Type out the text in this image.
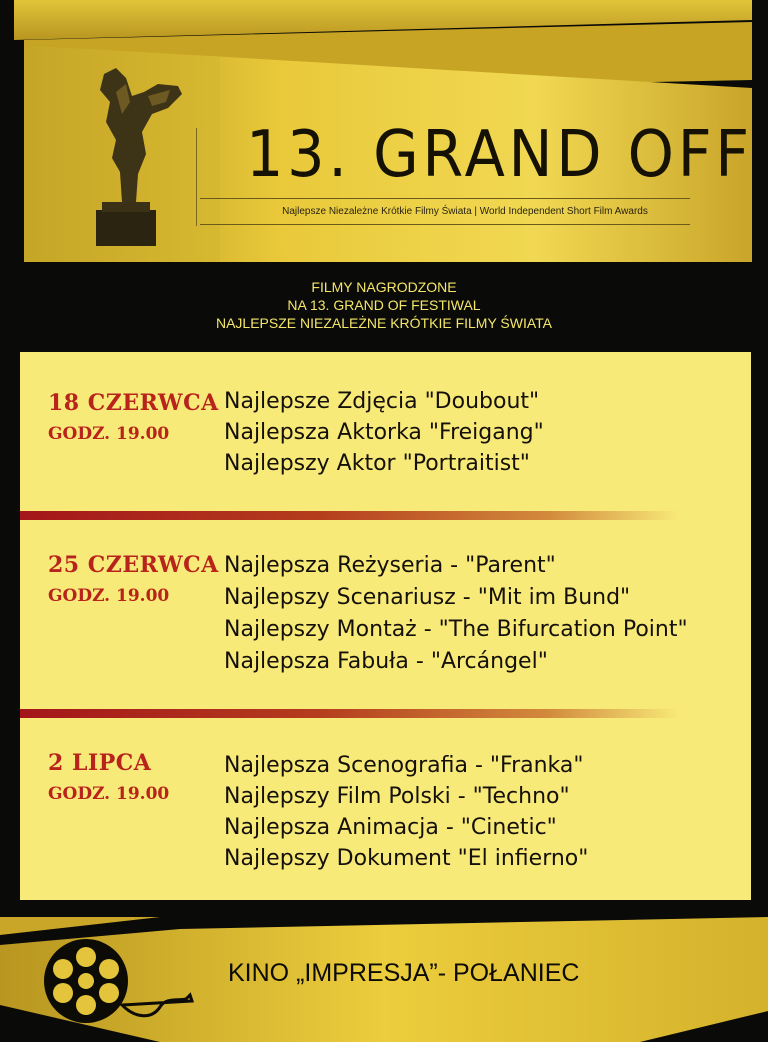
13. GRAND OFF
Najlepsze Niezależne Krótkie Filmy Świata | World Independent Short Film Awards
FILMY NAGRODZONE
NA 13. GRAND OF FESTIWAL
NAJLEPSZE NIEZALEŻNE KRÓTKIE FILMY ŚWIATA
18 CZERWCA
GODZ. 19.00
Najlepsze Zdjęcia "Doubout"
Najlepsza Aktorka "Freigang"
Najlepszy Aktor "Portraitist"
25 CZERWCA
GODZ. 19.00
Najlepsza Reżyseria - "Parent"
Najlepszy Scenariusz - "Mit im Bund"
Najlepszy Montaż - "The Bifurcation Point"
Najlepsza Fabuła - "Arcángel"
2 LIPCA
GODZ. 19.00
Najlepsza Scenografia - "Franka"
Najlepszy Film Polski - "Techno"
Najlepsza Animacja - "Cinetic"
Najlepszy Dokument "El infierno"
KINO „IMPRESJA”- POŁANIEC
